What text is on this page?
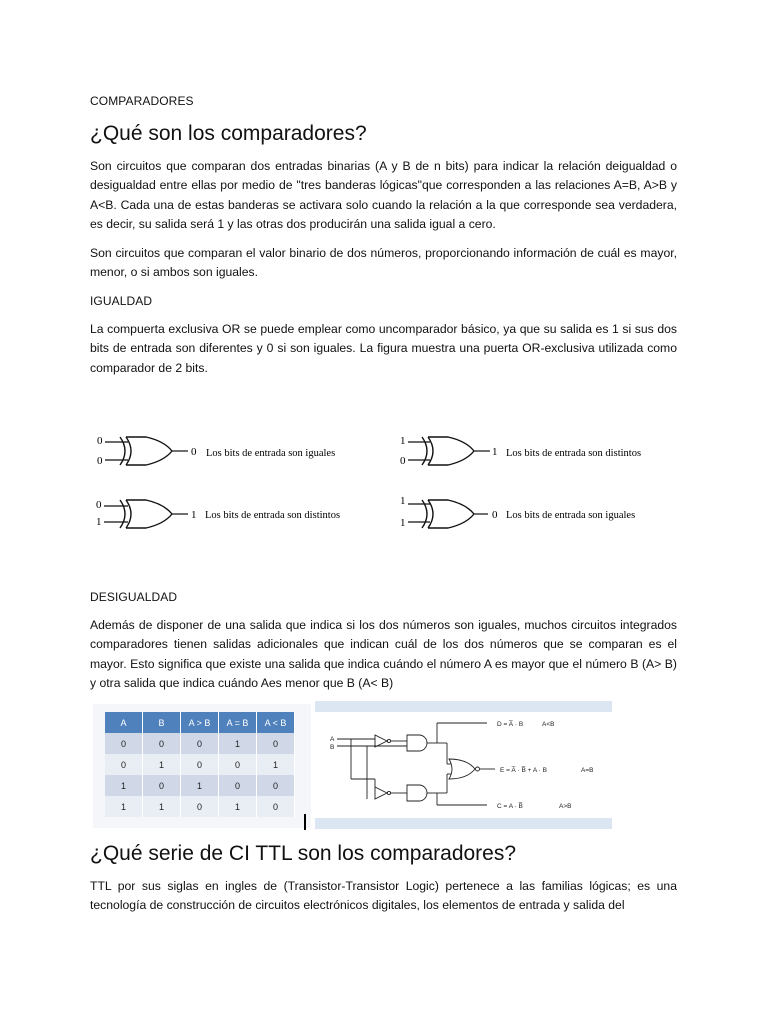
COMPARADORES
¿Qué son los comparadores?

Son circuitos que comparan dos entradas binarias (A y B de n bits) para indicar la relación deigualdad o desigualdad entre ellas por medio de "tres banderas lógicas"que corresponden a las relaciones A=B, A>B y A<B. Cada una de estas banderas se activara solo cuando la relación a la que corresponde sea verdadera, es decir, su salida será 1 y las otras dos producirán una salida igual a cero.

Son circuitos que comparan el valor binario de dos números, proporcionando información de cuál es mayor, menor, o si ambos son iguales.

IGUALDAD

La compuerta exclusiva OR se puede emplear como uncomparador básico, ya que su salida es 1 si sus dos bits de entrada son diferentes y 0 si son iguales. La figura muestra una puerta OR-exclusiva utilizada como comparador de 2 bits.

0
0
0 Los bits de entrada son iguales
1
0
1 Los bits de entrada son distintos
0
1
1 Los bits de entrada son distintos
1
1
0 Los bits de entrada son iguales
DESIGUALDAD

Además de disponer de una salida que indica si los dos números son iguales, muchos circuitos integrados comparadores tienen salidas adicionales que indican cuál de los dos números que se comparan es el mayor. Esto significa que existe una salida que indica cuándo el número A es mayor que el número B (A> B) y otra salida que indica cuándo Aes menor que B (A< B)

A	B	A > B	A = B	A < B
0	0	0	1	0
0	1	0	0	1
1	0	1	0	0
1	1	0	1	0
A
B
D = A̅ · B	A<B
E = A̅ · B̅ + A · B	A=B
C = A · B̅	A>B
¿Qué serie de CI TTL son los comparadores?

TTL por sus siglas en ingles de (Transistor-Transistor Logic) pertenece a las familias lógicas; es una tecnología de construcción de circuitos electrónicos digitales, los elementos de entrada y salida del
